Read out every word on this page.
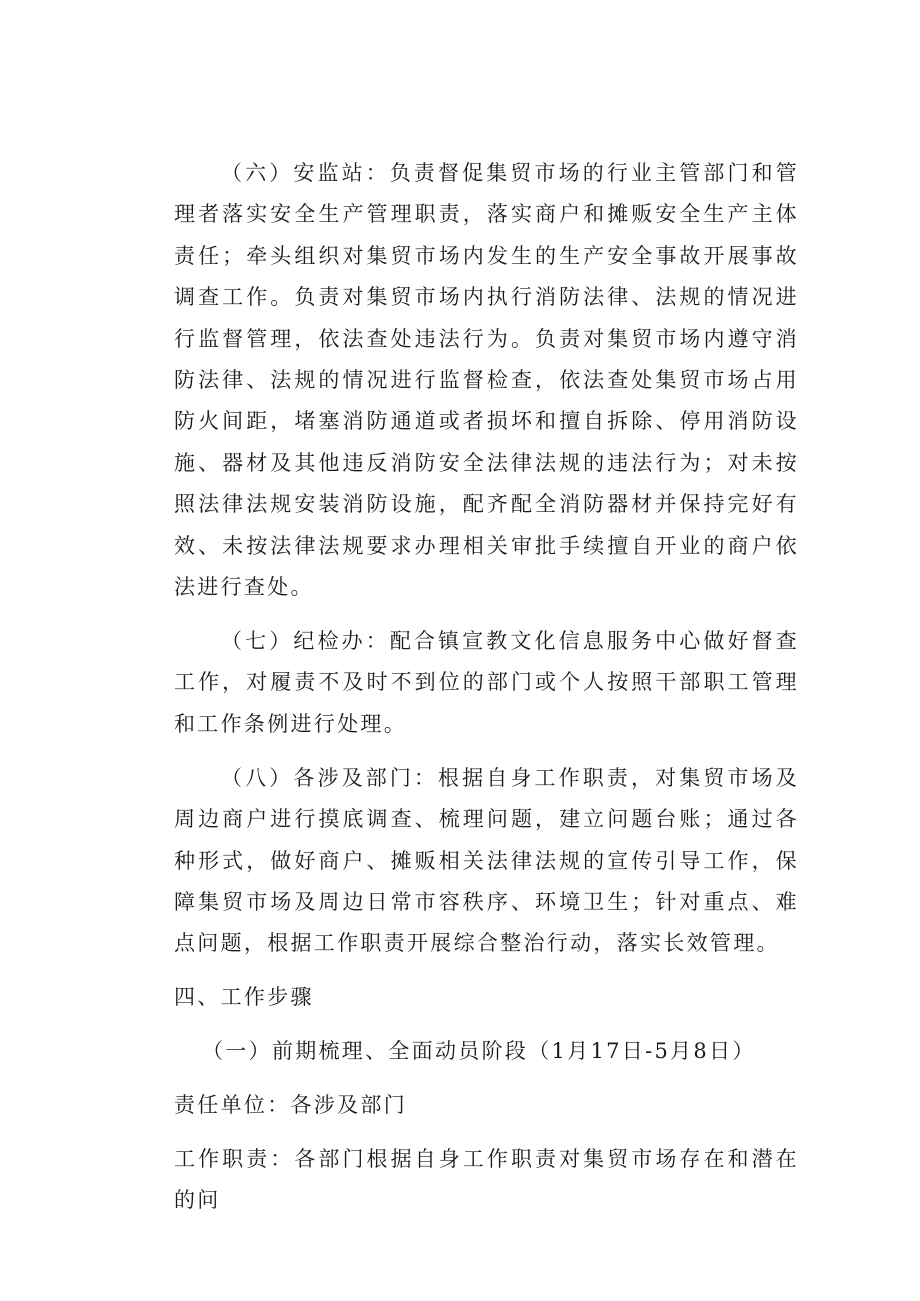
（六）安监站：负责督促集贸市场的行业主管部门和管理者落实安全生产管理职责，落实商户和摊贩安全生产主体责任；牵头组织对集贸市场内发生的生产安全事故开展事故调查工作。负责对集贸市场内执行消防法律、法规的情况进行监督管理，依法查处违法行为。负责对集贸市场内遵守消防法律、法规的情况进行监督检查，依法查处集贸市场占用防火间距，堵塞消防通道或者损坏和擅自拆除、停用消防设施、器材及其他违反消防安全法律法规的违法行为；对未按照法律法规安装消防设施，配齐配全消防器材并保持完好有效、未按法律法规要求办理相关审批手续擅自开业的商户依法进行查处。

（七）纪检办：配合镇宣教文化信息服务中心做好督查工作，对履责不及时不到位的部门或个人按照干部职工管理和工作条例进行处理。

（八）各涉及部门：根据自身工作职责，对集贸市场及周边商户进行摸底调查、梳理问题，建立问题台账；通过各种形式，做好商户、摊贩相关法律法规的宣传引导工作，保障集贸市场及周边日常市容秩序、环境卫生；针对重点、难点问题，根据工作职责开展综合整治行动，落实长效管理。

四、工作步骤

（一）前期梳理、全面动员阶段（1月17日-5月8日）

责任单位：各涉及部门

工作职责：各部门根据自身工作职责对集贸市场存在和潜在的问
